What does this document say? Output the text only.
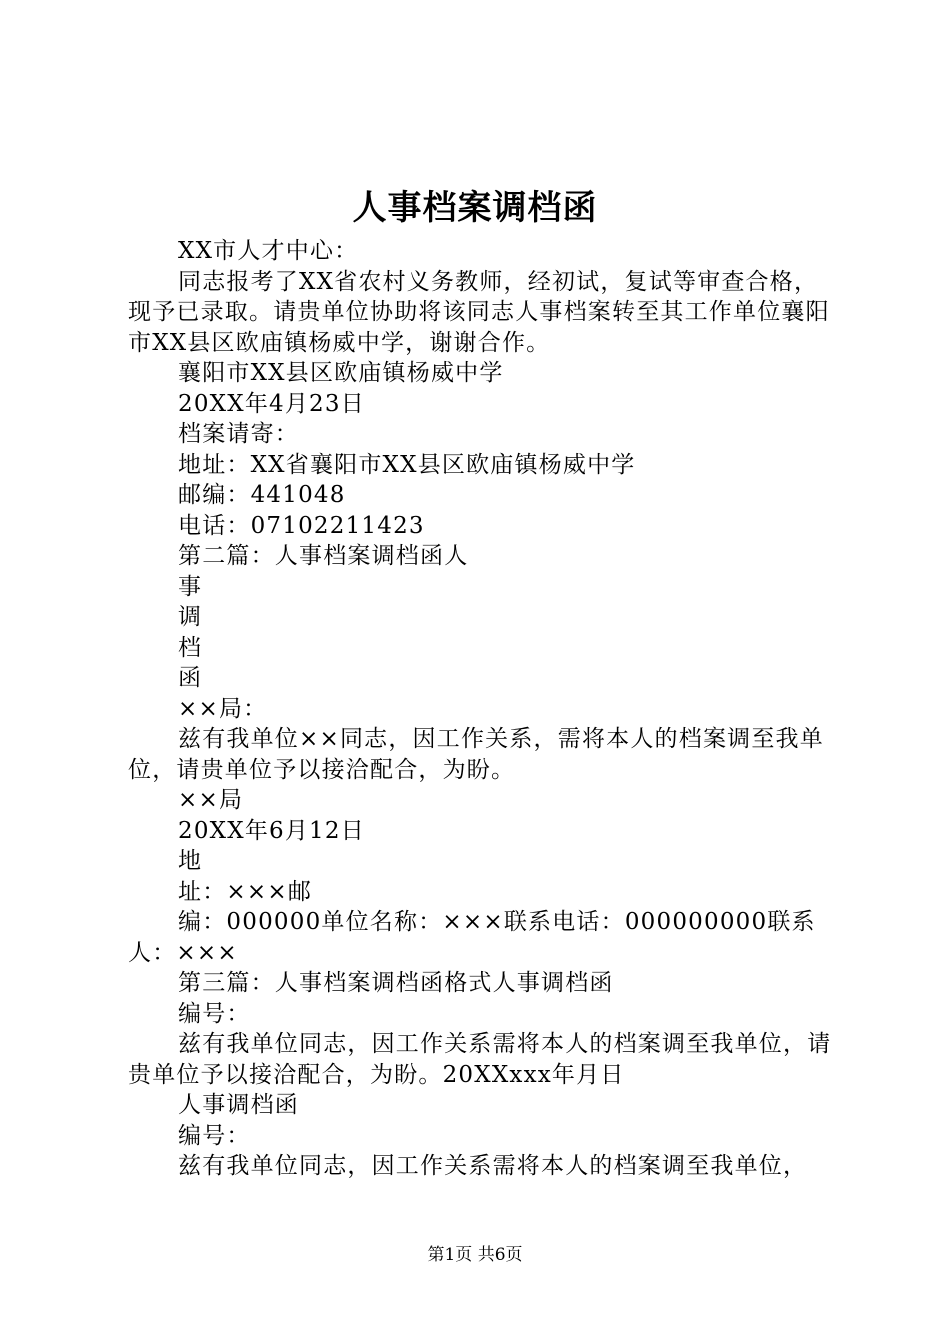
人事档案调档函

XX市人才中心：

同志报考了XX省农村义务教师，经初试，复试等审查合格，现予已录取。请贵单位协助将该同志人事档案转至其工作单位襄阳市XX县区欧庙镇杨威中学，谢谢合作。

襄阳市XX县区欧庙镇杨威中学

20XX年4月23日

档案请寄：

地址：XX省襄阳市XX县区欧庙镇杨威中学

邮编：441048

电话：07102211423

第二篇：人事档案调档函人

事

调

档

函

××局：

兹有我单位××同志，因工作关系，需将本人的档案调至我单位，请贵单位予以接洽配合，为盼。

××局

20XX年6月12日

地

址：×××邮

编：000000单位名称：×××联系电话：000000000联系人：×××

第三篇：人事档案调档函格式人事调档函

编号：

兹有我单位同志，因工作关系需将本人的档案调至我单位，请贵单位予以接洽配合，为盼。20XXxxx年月日

人事调档函

编号：

兹有我单位同志，因工作关系需将本人的档案调至我单位，

第1页 共6页
